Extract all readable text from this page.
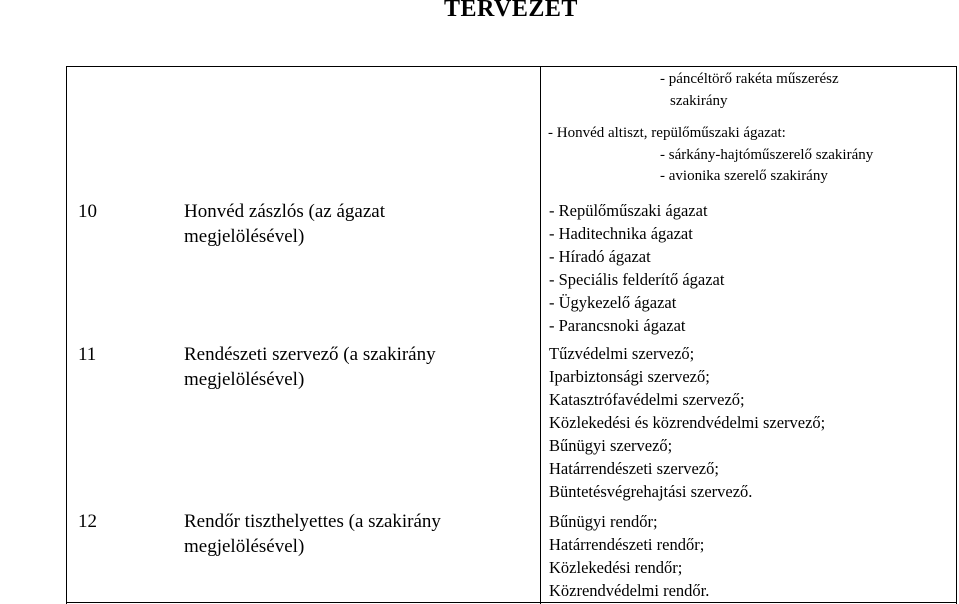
TERVEZET
- páncéltörő rakéta műszerész
szakirány
- Honvéd altiszt, repülőműszaki ágazat:
- sárkány-hajtóműszerelő szakirány
- avionika szerelő szakirány
10	Honvéd zászlós (az ágazat
megjelölésével)
- Repülőműszaki ágazat
- Haditechnika ágazat
- Híradó ágazat
- Speciális felderítő ágazat
- Ügykezelő ágazat
- Parancsnoki ágazat
11	Rendészeti szervező (a szakirány
megjelölésével)
Tűzvédelmi szervező;
Iparbiztonsági szervező;
Katasztrófavédelmi szervező;
Közlekedési és közrendvédelmi szervező;
Bűnügyi szervező;
Határrendészeti szervező;
Büntetésvégrehajtási szervező.
12	Rendőr tiszthelyettes (a szakirány
megjelölésével)
Bűnügyi rendőr;
Határrendészeti rendőr;
Közlekedési rendőr;
Közrendvédelmi rendőr.
